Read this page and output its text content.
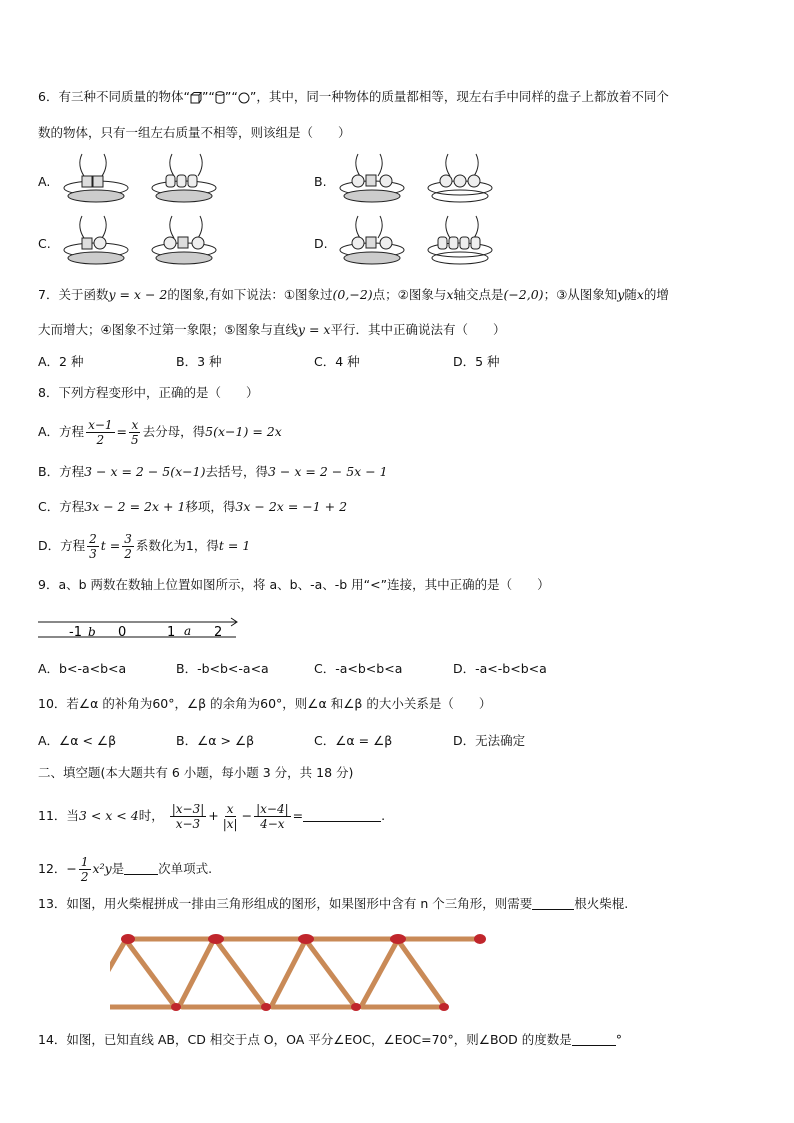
6．有三种不同质量的物体“ ”“ ”“ ”，其中，同一种物体的质量都相等，现左右手中同样的盘子上都放着不同个
数的物体，只有一组左右质量不相等，则该组是（　　）
A.	B.
C.	D.
7．关于函数y = x − 2的图象,有如下说法：①图象过(0,−2)点；②图象与x轴交点是(−2,0)；③从图象知y随x的增
大而增大；④图象不过第一象限；⑤图象与直线y = x平行．其中正确说法有（　　）
A．2 种	B．3 种	C．4 种	D．5 种
8．下列方程变形中，正确的是（　　）
A．方程 $\frac{x-1}{2} = \frac{x}{5}$ 去分母，得5(x−1) = 2x
B．方程3 − x = 2 − 5(x−1)去括号，得3 − x = 2 − 5x − 1
C．方程3x − 2 = 2x + 1移项，得3x − 2x = −1 + 2
D．方程 $\frac{2}{3}$ $t = \frac{3}{2}$ 系数化为1，得t = 1
9．a、b 两数在数轴上位置如图所示，将 a、b、-a、-b 用“<”连接，其中正确的是（　　）
-1 b 0	1 a 2
A．b<-a<b<a	B．-b<b<-a<a	C．-a<b<b<a	D．-a<-b<b<a
10．若∠α 的补角为60°，∠β 的余角为60°，则∠α 和∠β 的大小关系是（　　）
A．∠α < ∠β	B．∠α > ∠β	C．∠α = ∠β	D．无法确定
二、填空题(本大题共有 6 小题，每小题 3 分，共 18 分)
11．当3 < x < 4时， $\frac{|x-3|}{x-3} + \frac{x}{|x|} - \frac{|x-4|}{4-x}$ =	.
12．− $\frac{1}{2} x^2y$是	次单项式.
13．如图，用火柴棍拼成一排由三角形组成的图形，如果图形中含有 n 个三角形，则需要	根火柴棍.
14．如图，已知直线 AB，CD 相交于点 O，OA 平分∠EOC，∠EOC=70°，则∠BOD 的度数是	°
